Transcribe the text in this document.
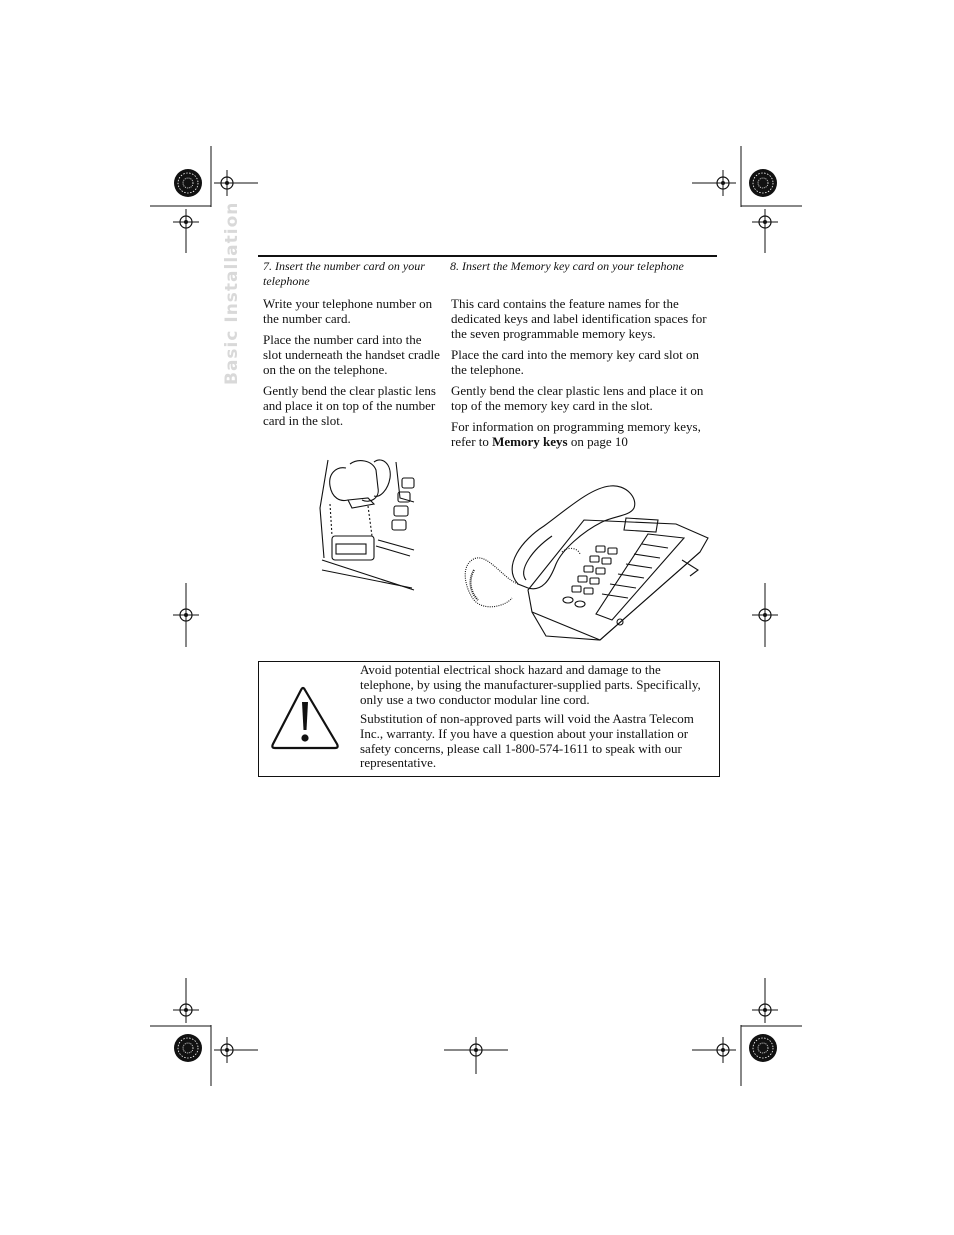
Basic Installation 7. Insert the number card on your telephone
Write your telephone number on the number card.
Place the number card into the slot underneath the handset cradle on the on the telephone.
Gently bend the clear plastic lens and place it on top of the number card in the slot.
8. Insert the Memory key card on your telephone
This card contains the feature names for the dedicated keys and label identification spaces for the seven programmable memory keys.
Place the card into the memory key card slot on the telephone.
Gently bend the clear plastic lens and place it on top of the memory key card in the slot.
For information on programming memory keys, refer to Memory keys on page 10
Avoid potential electrical shock hazard and damage to the telephone, by using the manufacturer-supplied parts. Specifically, only use a two conductor modular line cord.
Substitution of non-approved parts will void the Aastra Telecom Inc., warranty. If you have a question about your installation or safety concerns, please call 1-800-574-1611 to speak with our representative.
